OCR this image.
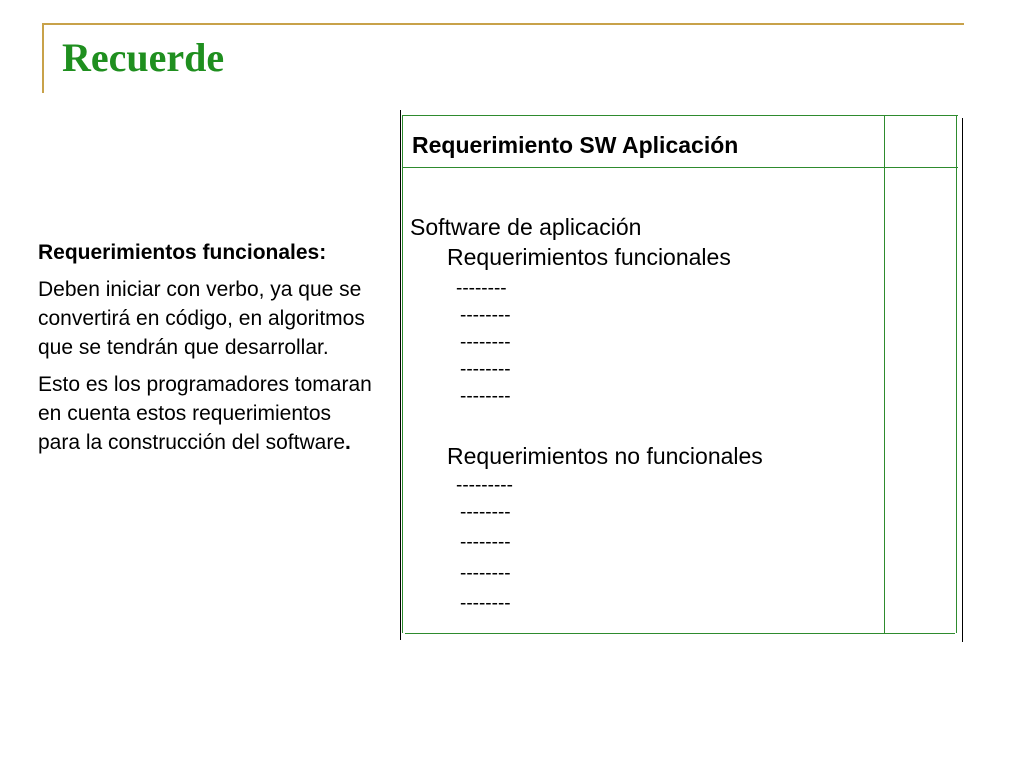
Recuerde

Requerimientos funcionales:

Deben iniciar con verbo, ya que se convertirá en código, en algoritmos que se tendrán que desarrollar.

Esto es los programadores tomaran en cuenta estos requerimientos para la construcción del software.

Requerimiento SW Aplicación
Software de aplicación
Requerimientos funcionales
--------
--------
--------
--------
--------
Requerimientos no funcionales
---------
--------
--------
--------
--------
